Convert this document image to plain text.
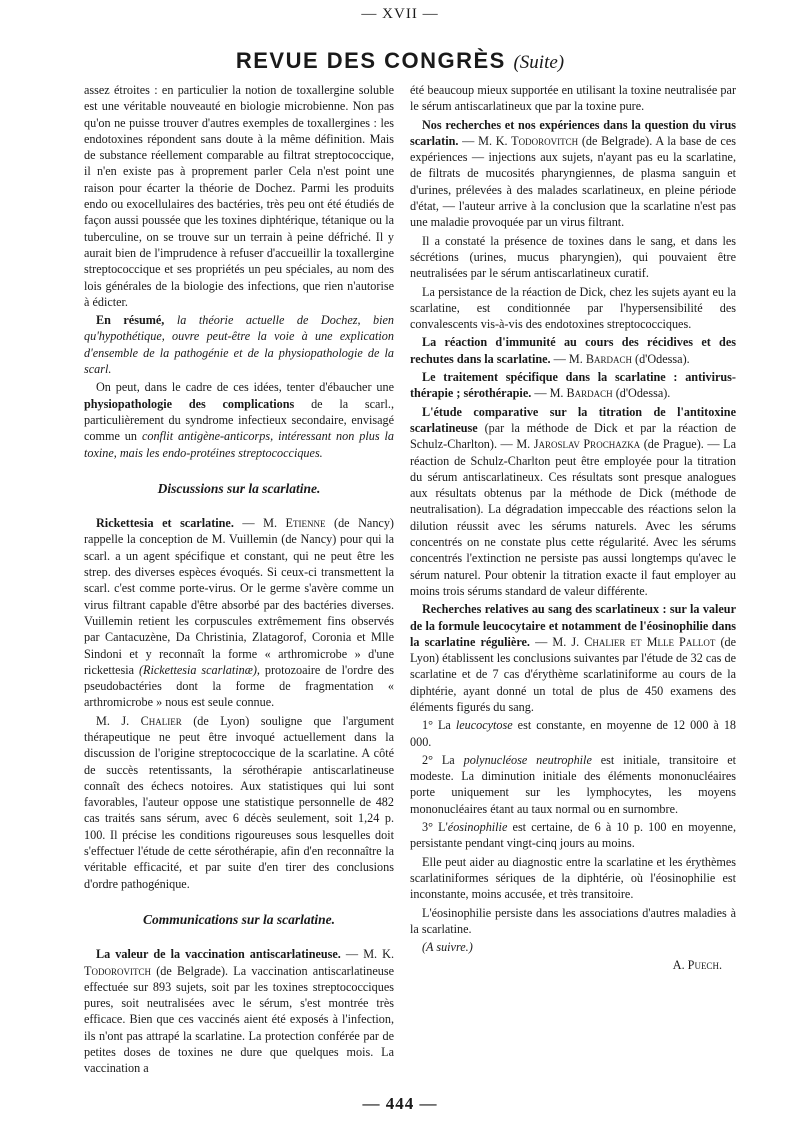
— XVII —
REVUE DES CONGRÈS (Suite)

assez étroites : en particulier la notion de toxallergine soluble est une véritable nouveauté en biologie microbienne. Non pas qu'on ne puisse trouver d'autres exemples de toxallergines : les endotoxines répondent sans doute à la même définition. Mais de substance réellement comparable au filtrat streptococcique, il n'en existe pas à proprement parler Cela n'est point une raison pour écarter la théorie de Dochez. Parmi les produits endo ou exocellulaires des bactéries, très peu ont été étudiés de façon aussi poussée que les toxines diphtérique, tétanique ou la tuberculine, on se trouve sur un terrain à peine défriché. Il y aurait bien de l'imprudence à refuser d'accueillir la toxallergine streptococcique et ses propriétés un peu spéciales, au nom des lois générales de la biologie des infections, que rien n'autorise à édicter.

En résumé, la théorie actuelle de Dochez, bien qu'hypothétique, ouvre peut-être la voie à une explication d'ensemble de la pathogénie et de la physiopathologie de la scarl.

On peut, dans le cadre de ces idées, tenter d'ébaucher une physiopathologie des complications de la scarl., particulièrement du syndrome infectieux secondaire, envisagé comme un conflit antigène-anticorps, intéressant non plus la toxine, mais les endo-protéines streptococciques.

Discussions sur la scarlatine.

Rickettesia et scarlatine. — M. Etienne (de Nancy) rappelle la conception de M. Vuillemin (de Nancy) pour qui la scarl. a un agent spécifique et constant, qui ne peut être les strep. des diverses espèces évoqués. Si ceux-ci transmettent la scarl. c'est comme porte-virus. Or le germe s'avère comme un virus filtrant capable d'être absorbé par des bactéries diverses. Vuillemin retient les corpuscules extrêmement fins observés par Cantacuzène, Da Christinia, Zlatagorof, Coronia et Mlle Sindoni et y reconnaît la forme « arthromicrobe » d'une rickettesia (Rickettesia scarlatinæ), protozoaire de l'ordre des pseudobactéries dont la forme de fragmentation « arthromicrobe » nous est seule connue.

M. J. Chalier (de Lyon) souligne que l'argument thérapeutique ne peut être invoqué actuellement dans la discussion de l'origine streptococcique de la scarlatine. A côté de succès retentissants, la sérothérapie antiscarlatineuse connaît des échecs notoires. Aux statistiques qui lui sont favorables, l'auteur oppose une statistique personnelle de 482 cas traités sans sérum, avec 6 décès seulement, soit 1,24 p. 100. Il précise les conditions rigoureuses sous lesquelles doit s'effectuer l'étude de cette sérothérapie, afin d'en reconnaître la véritable efficacité, et par suite d'en tirer des conclusions d'ordre pathogénique.

Communications sur la scarlatine.

La valeur de la vaccination antiscarlatineuse. — M. K. Todorovitch (de Belgrade). La vaccination antiscarlatineuse effectuée sur 893 sujets, soit par les toxines streptococciques pures, soit neutralisées avec le sérum, s'est montrée très efficace. Bien que ces vaccinés aient été exposés à l'infection, ils n'ont pas attrapé la scarlatine. La protection conférée par de petites doses de toxines ne dure que quelques mois. La vaccination a

été beaucoup mieux supportée en utilisant la toxine neutralisée par le sérum antiscarlatineux que par la toxine pure.

Nos recherches et nos expériences dans la question du virus scarlatin. — M. K. Todorovitch (de Belgrade). A la base de ces expériences — injections aux sujets, n'ayant pas eu la scarlatine, de filtrats de mucosités pharyngiennes, de plasma sanguin et d'urines, prélevées à des malades scarlatineux, en pleine période d'état, — l'auteur arrive à la conclusion que la scarlatine n'est pas une maladie provoquée par un virus filtrant.

Il a constaté la présence de toxines dans le sang, et dans les sécrétions (urines, mucus pharyngien), qui pouvaient être neutralisées par le sérum antiscarlatineux curatif.

La persistance de la réaction de Dick, chez les sujets ayant eu la scarlatine, est conditionnée par l'hypersensibilité des convalescents vis-à-vis des endotoxines streptococciques.

La réaction d'immunité au cours des récidives et des rechutes dans la scarlatine. — M. Bardach (d'Odessa).

Le traitement spécifique dans la scarlatine : antivirus-thérapie ; sérothérapie. — M. Bardach (d'Odessa).

L'étude comparative sur la titration de l'antitoxine scarlatineuse (par la méthode de Dick et par la réaction de Schulz-Charlton). — M. Jaroslav Prochazka (de Prague). — La réaction de Schulz-Charlton peut être employée pour la titration du sérum antiscarlatineux. Ces résultats sont presque analogues aux résultats obtenus par la méthode de Dick (méthode de neutralisation). La dégradation impeccable des réactions selon la dilution réussit avec les sérums naturels. Avec les sérums concentrés on ne constate plus cette régularité. Avec les sérums concentrés l'extinction ne persiste pas aussi longtemps qu'avec le sérum naturel. Pour obtenir la titration exacte il faut employer au moins trois sérums standard de valeur différente.

Recherches relatives au sang des scarlatineux : sur la valeur de la formule leucocytaire et notamment de l'éosinophilie dans la scarlatine régulière. — M. J. Chalier et Mlle Pallot (de Lyon) établissent les conclusions suivantes par l'étude de 32 cas de scarlatine et de 7 cas d'érythème scarlatiniforme au cours de la diphtérie, ayant donné un total de plus de 450 examens des éléments figurés du sang.

1° La leucocytose est constante, en moyenne de 12 000 à 18 000.

2° La polynucléose neutrophile est initiale, transitoire et modeste. La diminution initiale des éléments mononucléaires porte uniquement sur les lymphocytes, les moyens mononucléaires étant au taux normal ou en surnombre.

3° L'éosinophilie est certaine, de 6 à 10 p. 100 en moyenne, persistante pendant vingt-cinq jours au moins.

Elle peut aider au diagnostic entre la scarlatine et les érythèmes scarlatiniformes sériques de la diphtérie, où l'éosinophilie est inconstante, moins accusée, et très transitoire.

L'éosinophilie persiste dans les associations d'autres maladies à la scarlatine.

(A suivre.)

A. Puech.

— 444 —
